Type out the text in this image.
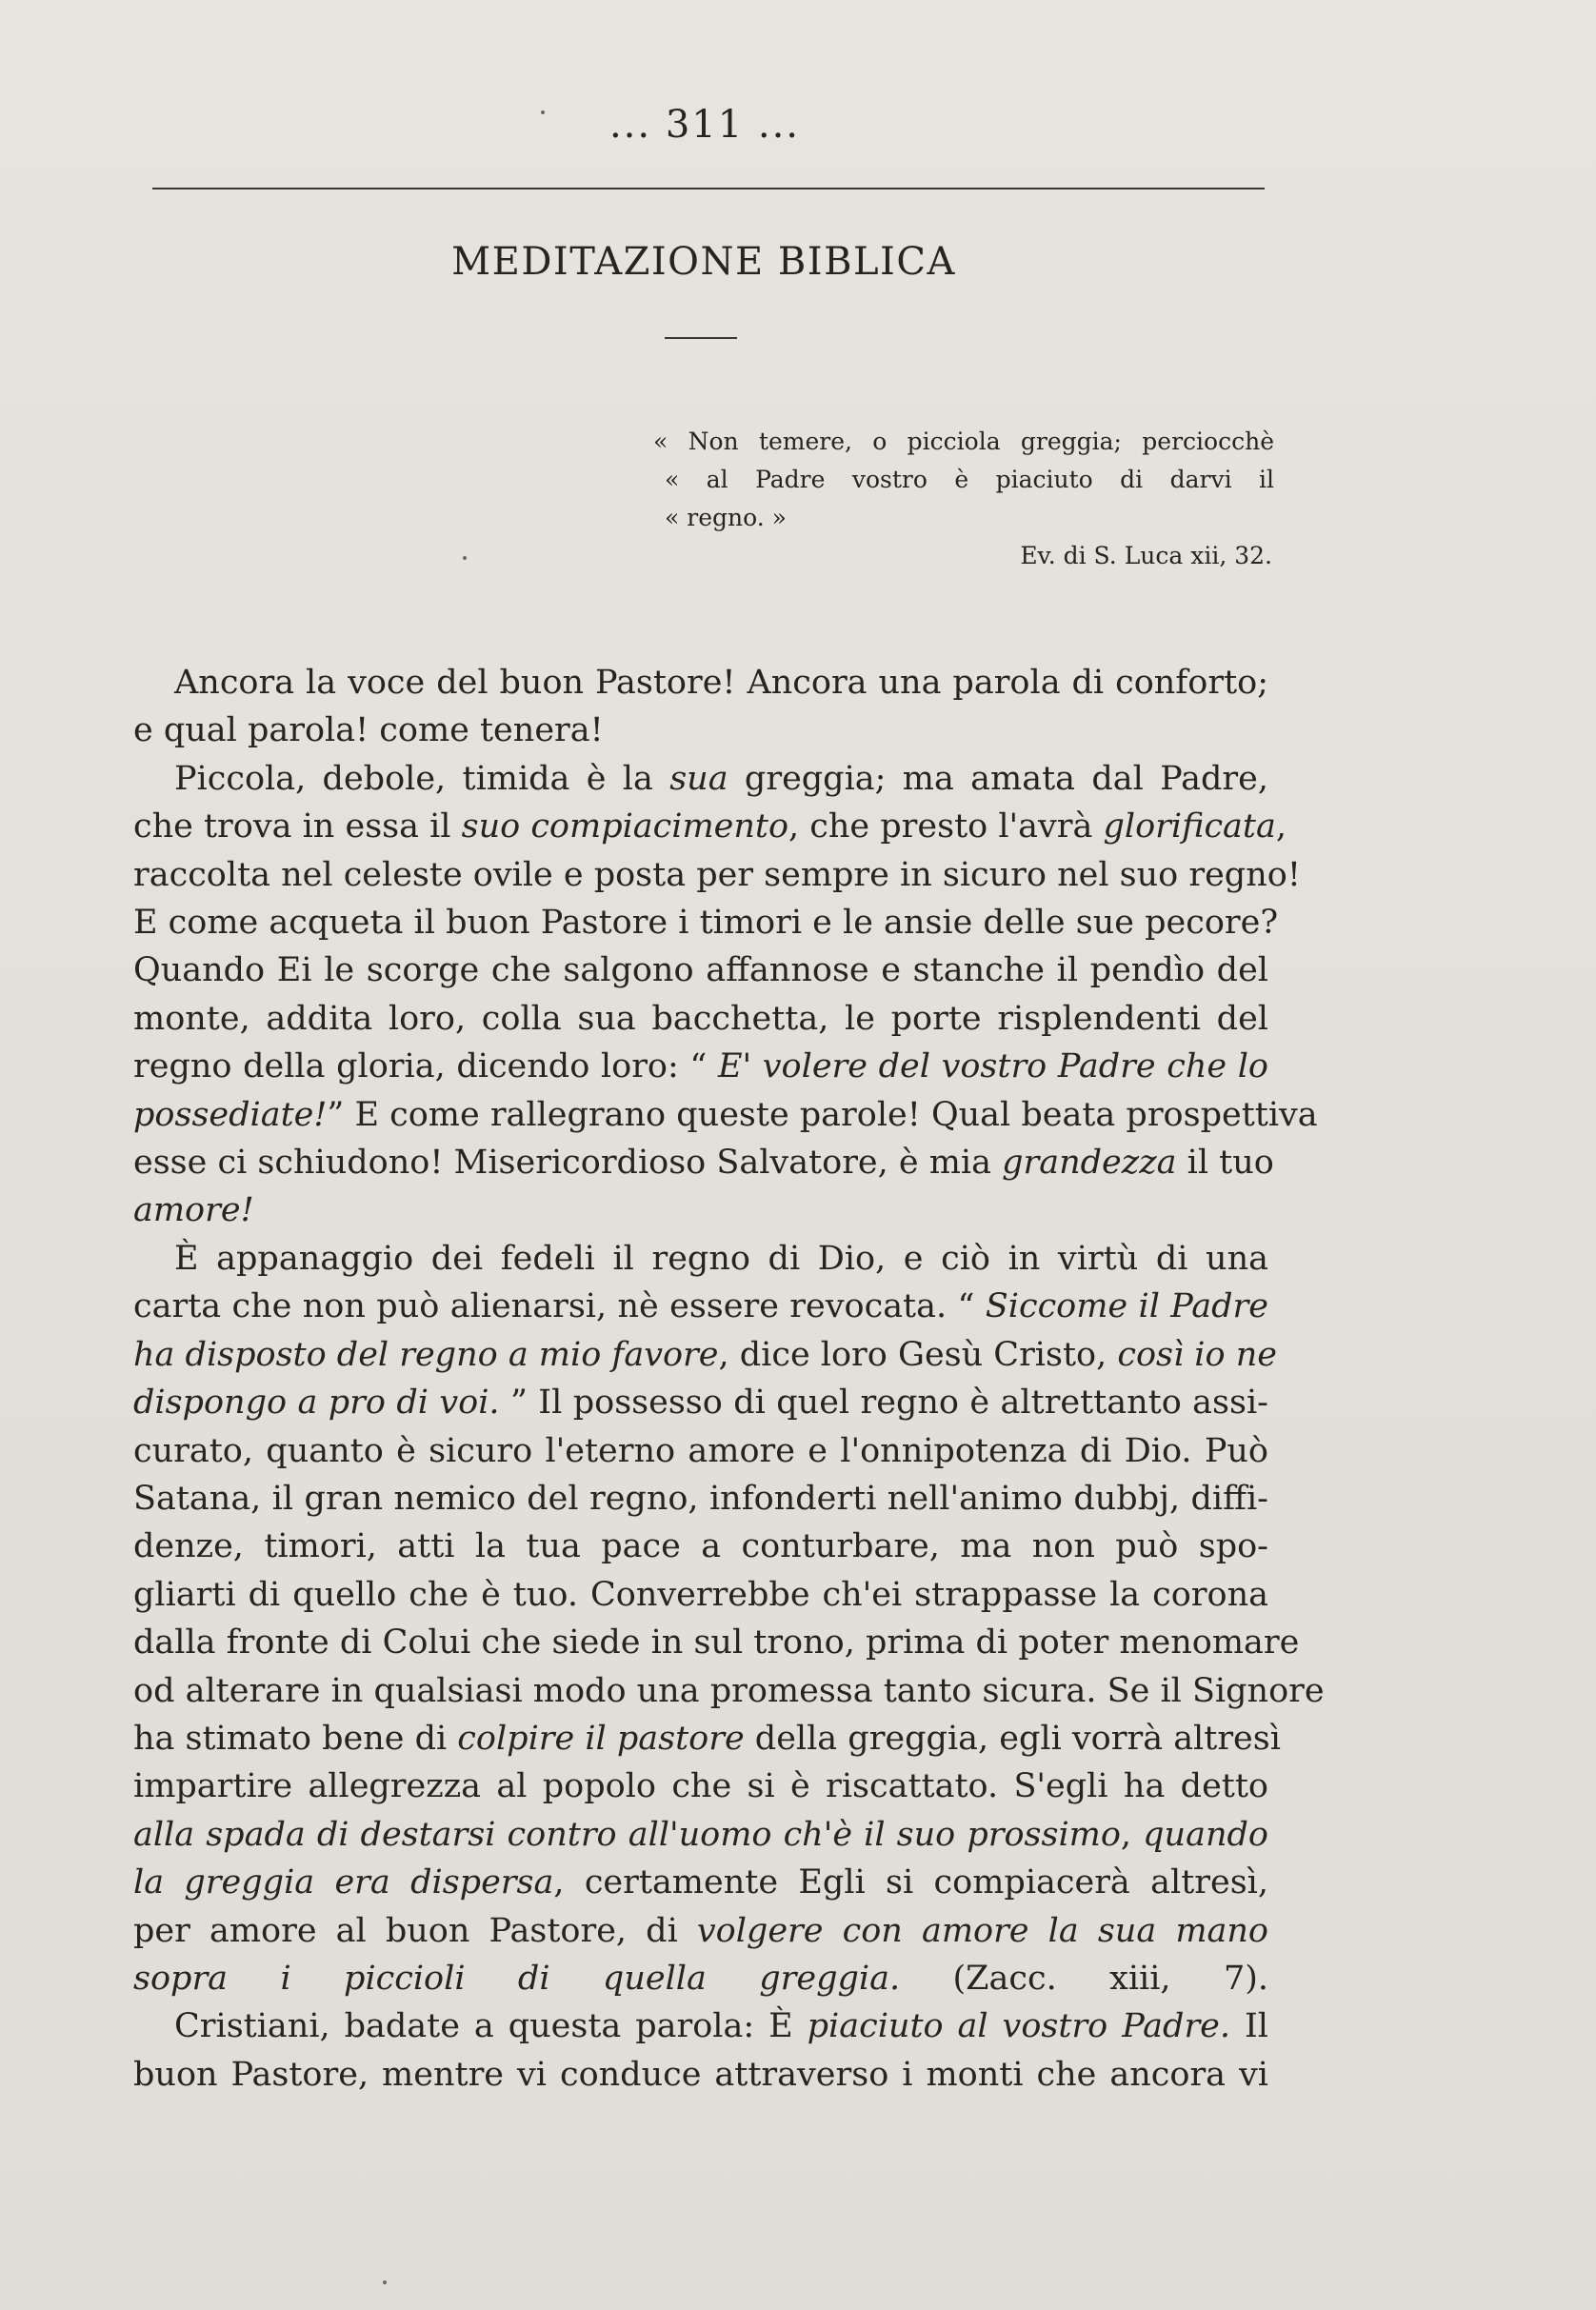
... 311 ...
MEDITAZIONE BIBLICA
« Non temere, o picciola greggia; perciocchè
« al Padre vostro è piaciuto di darvi il
« regno. »
Ev. di S. Luca xii, 32.
Ancora la voce del buon Pastore! Ancora una parola di conforto;
e qual parola! come tenera!
Piccola, debole, timida è la sua greggia; ma amata dal Padre,
che trova in essa il suo compiacimento, che presto l'avrà glorificata,
raccolta nel celeste ovile e posta per sempre in sicuro nel suo regno!
E come acqueta il buon Pastore i timori e le ansie delle sue pecore?
Quando Ei le scorge che salgono affannose e stanche il pendìo del
monte, addita loro, colla sua bacchetta, le porte risplendenti del
regno della gloria, dicendo loro: “ E' volere del vostro Padre che lo
possediate!” E come rallegrano queste parole! Qual beata prospettiva
esse ci schiudono! Misericordioso Salvatore, è mia grandezza il tuo
amore!
È appanaggio dei fedeli il regno di Dio, e ciò in virtù di una
carta che non può alienarsi, nè essere revocata. “ Siccome il Padre
ha disposto del regno a mio favore, dice loro Gesù Cristo, così io ne
dispongo a pro di voi. ” Il possesso di quel regno è altrettanto assi-
curato, quanto è sicuro l'eterno amore e l'onnipotenza di Dio. Può
Satana, il gran nemico del regno, infonderti nell'animo dubbj, diffi-
denze, timori, atti la tua pace a conturbare, ma non può spo-
gliarti di quello che è tuo. Converrebbe ch'ei strappasse la corona
dalla fronte di Colui che siede in sul trono, prima di poter menomare
od alterare in qualsiasi modo una promessa tanto sicura. Se il Signore
ha stimato bene di colpire il pastore della greggia, egli vorrà altresì
impartire allegrezza al popolo che si è riscattato. S'egli ha detto
alla spada di destarsi contro all'uomo ch'è il suo prossimo, quando
la greggia era dispersa, certamente Egli si compiacerà altresì,
per amore al buon Pastore, di volgere con amore la sua mano
sopra i piccioli di quella greggia. (Zacc. xiii, 7).
Cristiani, badate a questa parola: È piaciuto al vostro Padre. Il
buon Pastore, mentre vi conduce attraverso i monti che ancora vi
